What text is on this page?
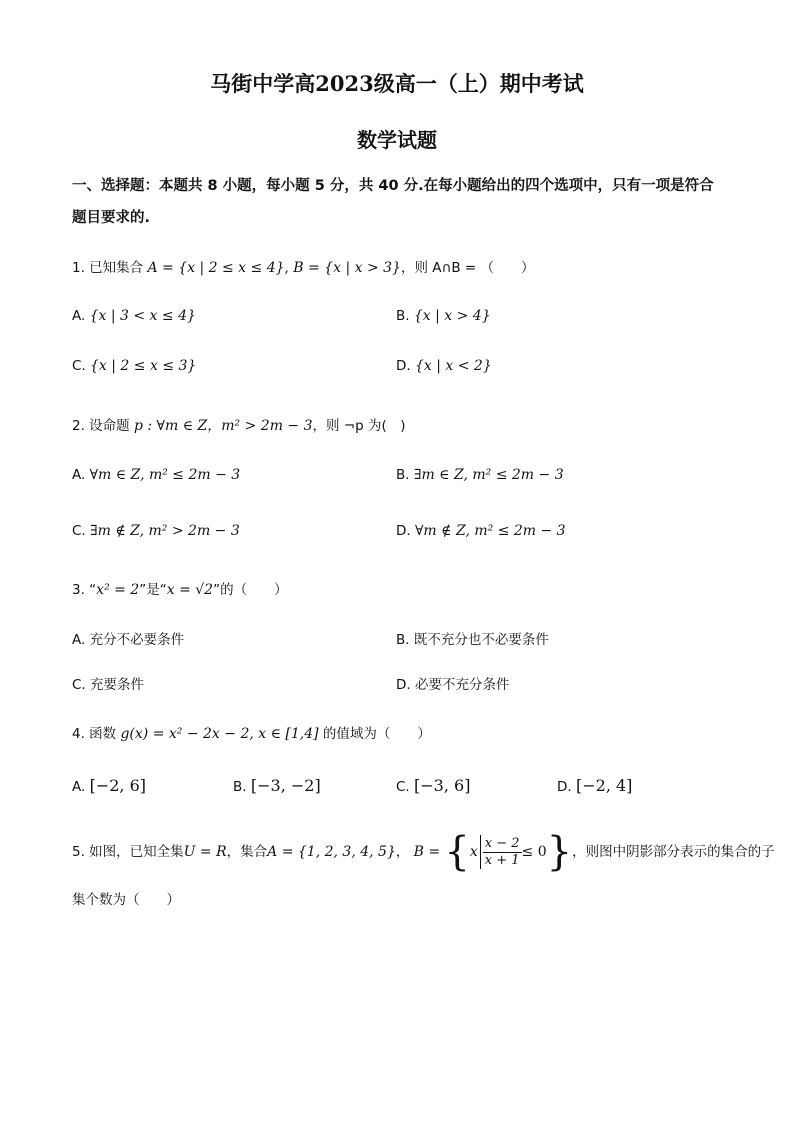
马街中学高2023级高一（上）期中考试
数学试题
一、选择题：本题共 8 小题，每小题 5 分，共 40 分.在每小题给出的四个选项中，只有一项是符合题目要求的.
1. 已知集合 A = {x | 2 ≤ x ≤ 4}, B = {x | x > 3}，则 A∩B = （　　）
A. {x | 3 < x ≤ 4}	B. {x | x > 4}
C. {x | 2 ≤ x ≤ 3}	D. {x | x < 2}
2. 设命题 p : ∀m ∈ Z，m² > 2m − 3，则 ¬p 为(　)
A. ∀m ∈ Z, m² ≤ 2m − 3	B. ∃m ∈ Z, m² ≤ 2m − 3
C. ∃m ∉ Z, m² > 2m − 3	D. ∀m ∉ Z, m² ≤ 2m − 3
3. “x² = 2”是“x = √2”的（　　）
A. 充分不必要条件	B. 既不充分也不必要条件
C. 充要条件	D. 必要不充分条件
4. 函数 g(x) = x² − 2x − 2, x ∈ [1,4] 的值域为（　　）
A. [−2, 6]	B. [−3, −2]	C. [−3, 6]	D. [−2, 4]
5. 如图，已知全集U = R，集合A = {1, 2, 3, 4, 5}， $B = \{x \frac{x - 2}{x + 1} \le 0\}$，则图中阴影部分表示的集合的子
集个数为（　　）
